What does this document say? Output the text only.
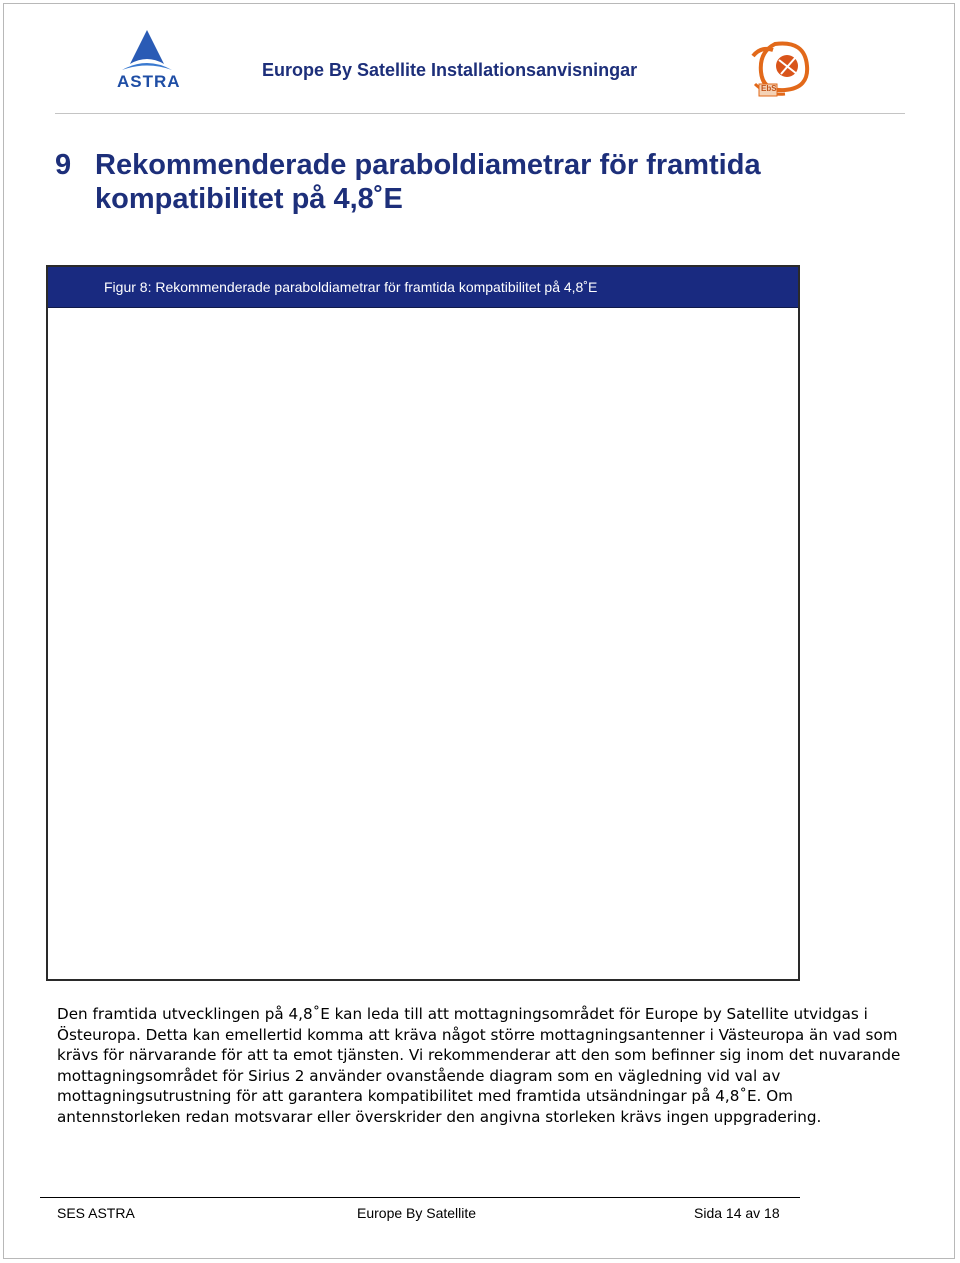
ASTRA
Europe By Satellite Installationsanvisningar
EbS
9 Rekommenderade paraboldiametrar för framtida kompatibilitet på 4,8˚E
Figur 8: Rekommenderade paraboldiametrar för framtida kompatibilitet på 4,8˚E
Den framtida utvecklingen på 4,8˚E kan leda till att mottagningsområdet för Europe by Satellite utvidgas i Östeuropa. Detta kan emellertid komma att kräva något större mottagningsantenner i Västeuropa än vad som krävs för närvarande för att ta emot tjänsten. Vi rekommenderar att den som befinner sig inom det nuvarande mottagningsområdet för Sirius 2 använder ovanstående diagram som en vägledning vid val av mottagningsutrustning för att garantera kompatibilitet med framtida utsändningar på 4,8˚E. Om antennstorleken redan motsvarar eller överskrider den angivna storleken krävs ingen uppgradering.
SES ASTRA	Europe By Satellite	Sida 14 av 18
